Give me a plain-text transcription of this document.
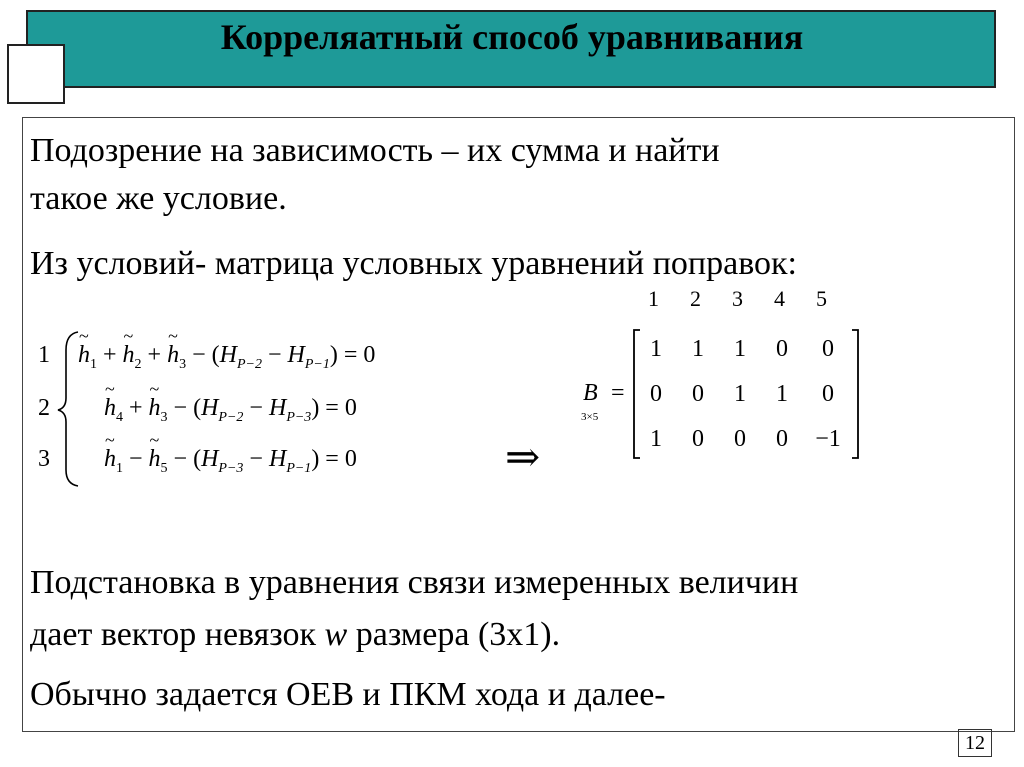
Корреляатный способ уравнивания

Подозрение на зависимость – их сумма и найти

такое же условие.

Из условий- матрица условных уравнений поправок:

1
2
3
~ $h_1$ + ~ $h_2$ + ~ $h_3 - (H_{P-2} - H_{P-1}) = 0$
~ $h_4$ + ~ $h_3 - (H_{P-2} - H_{P-3}) = 0$
~ $h_1$ − ~ $h_5 - (H_{P-3} - H_{P-1}) = 0$	⇒
1 2 3 4 5
B
3×5
=
1	1	1	0	0
0	0	1	1	0
1	0	0	0	−1

Подстановка в уравнения связи измеренных величин

дает вектор невязок w размера (3х1).

Обычно задается ОЕВ и ПКМ хода и далее-

12
